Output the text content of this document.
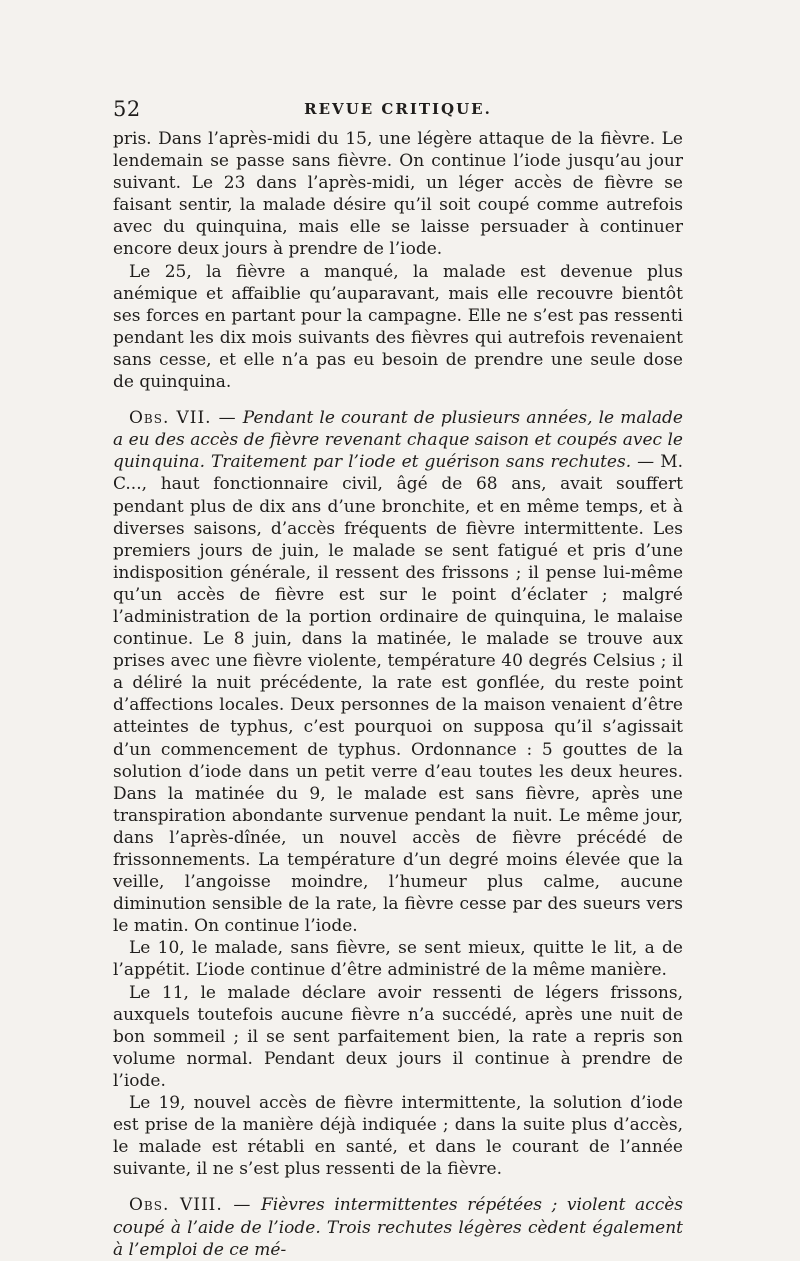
52	REVUE CRITIQUE.

pris. Dans l’après-midi du 15, une légère attaque de la fièvre. Le lendemain se passe sans fièvre. On continue l’iode jusqu’au jour suivant. Le 23 dans l’après-midi, un léger accès de fièvre se faisant sentir, la malade désire qu’il soit coupé comme autrefois avec du quinquina, mais elle se laisse persuader à continuer encore deux jours à prendre de l’iode.

Le 25, la fièvre a manqué, la malade est devenue plus anémique et affaiblie qu’auparavant, mais elle recouvre bientôt ses forces en partant pour la campagne. Elle ne s’est pas ressenti pendant les dix mois suivants des fièvres qui autrefois revenaient sans cesse, et elle n’a pas eu besoin de prendre une seule dose de quinquina.

Obs. VII. — Pendant le courant de plusieurs années, le malade a eu des accès de fièvre revenant chaque saison et coupés avec le quinquina. Traitement par l’iode et guérison sans rechutes. — M. C..., haut fonctionnaire civil, âgé de 68 ans, avait souffert pendant plus de dix ans d’une bronchite, et en même temps, et à diverses saisons, d’accès fréquents de fièvre intermittente. Les premiers jours de juin, le malade se sent fatigué et pris d’une indisposition générale, il ressent des frissons ; il pense lui-même qu’un accès de fièvre est sur le point d’éclater ; malgré l’administration de la portion ordinaire de quinquina, le malaise continue. Le 8 juin, dans la matinée, le malade se trouve aux prises avec une fièvre violente, température 40 degrés Celsius ; il a déliré la nuit précédente, la rate est gonflée, du reste point d’affections locales. Deux personnes de la maison venaient d’être atteintes de typhus, c’est pourquoi on supposa qu’il s’agissait d’un commencement de typhus. Ordonnance : 5 gouttes de la solution d’iode dans un petit verre d’eau toutes les deux heures. Dans la matinée du 9, le malade est sans fièvre, après une transpiration abondante survenue pendant la nuit. Le même jour, dans l’après-dînée, un nouvel accès de fièvre précédé de frissonnements. La température d’un degré moins élevée que la veille, l’angoisse moindre, l’humeur plus calme, aucune diminution sensible de la rate, la fièvre cesse par des sueurs vers le matin. On continue l’iode.

Le 10, le malade, sans fièvre, se sent mieux, quitte le lit, a de l’appétit. L’iode continue d’être administré de la même manière.

Le 11, le malade déclare avoir ressenti de légers frissons, auxquels toutefois aucune fièvre n’a succédé, après une nuit de bon sommeil ; il se sent parfaitement bien, la rate a repris son volume normal. Pendant deux jours il continue à prendre de l’iode.

Le 19, nouvel accès de fièvre intermittente, la solution d’iode est prise de la manière déjà indiquée ; dans la suite plus d’accès, le malade est rétabli en santé, et dans le courant de l’année suivante, il ne s’est plus ressenti de la fièvre.

Obs. VIII. — Fièvres intermittentes répétées ; violent accès coupé à l’aide de l’iode. Trois rechutes légères cèdent également à l’emploi de ce mé-
